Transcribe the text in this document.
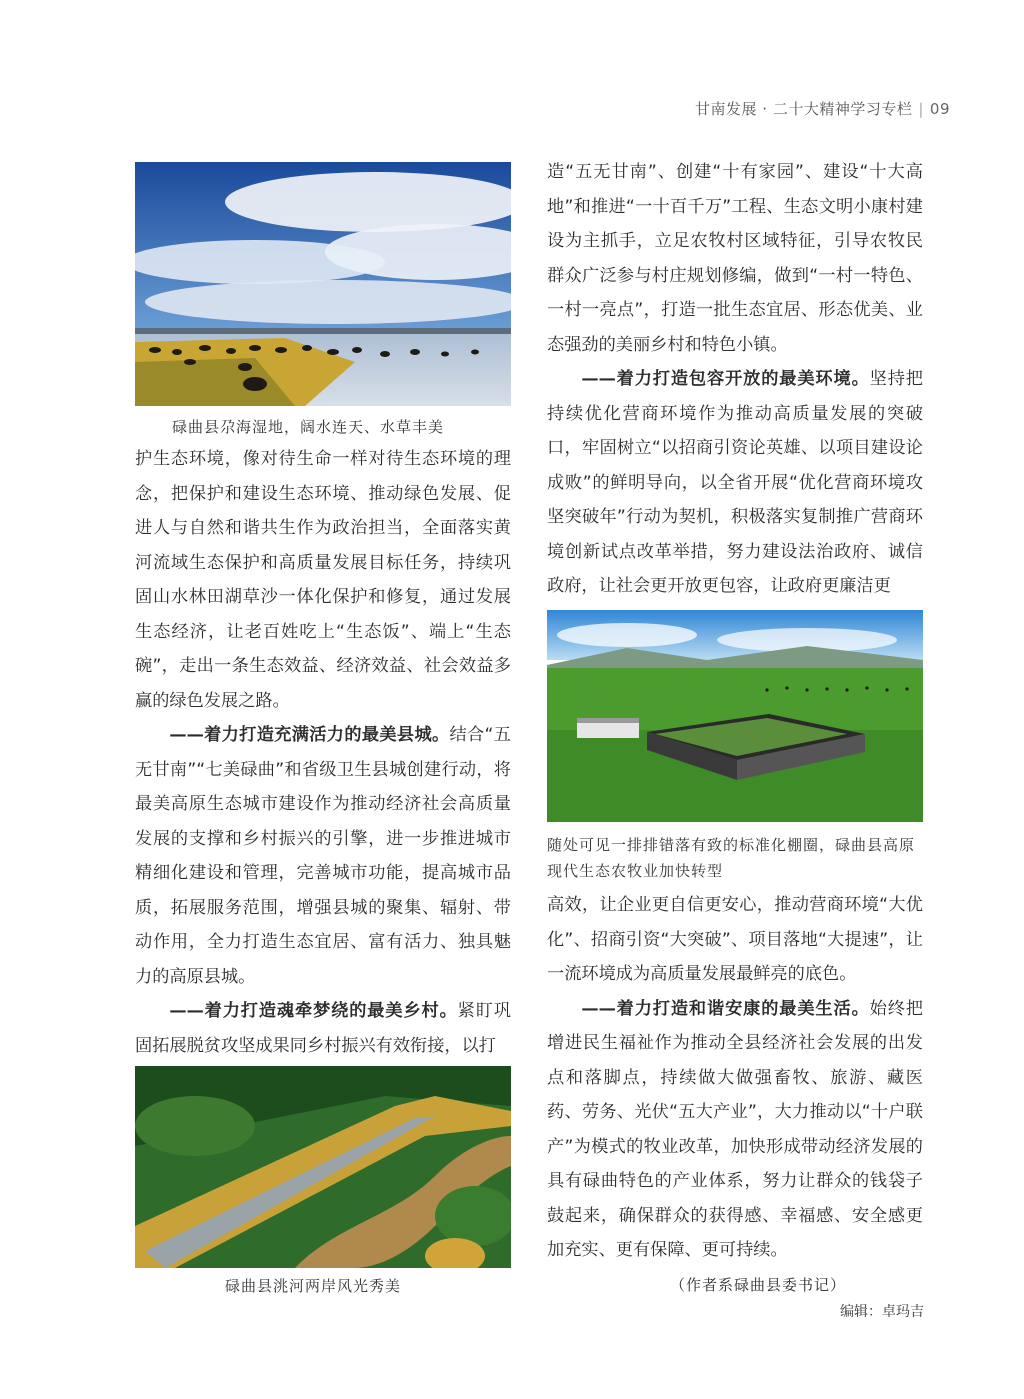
甘南发展 · 二十大精神学习专栏 | 09
碌曲县尕海湿地，阔水连天、水草丰美

护生态环境，像对待生命一样对待生态环境的理念，把保护和建设生态环境、推动绿色发展、促进人与自然和谐共生作为政治担当，全面落实黄河流域生态保护和高质量发展目标任务，持续巩固山水林田湖草沙一体化保护和修复，通过发展生态经济，让老百姓吃上“生态饭”、端上“生态碗”，走出一条生态效益、经济效益、社会效益多赢的绿色发展之路。

——着力打造充满活力的最美县城。结合“五无甘南”“七美碌曲”和省级卫生县城创建行动，将最美高原生态城市建设作为推动经济社会高质量发展的支撑和乡村振兴的引擎，进一步推进城市精细化建设和管理，完善城市功能，提高城市品质，拓展服务范围，增强县城的聚集、辐射、带动作用，全力打造生态宜居、富有活力、独具魅力的高原县城。

——着力打造魂牵梦绕的最美乡村。紧盯巩固拓展脱贫攻坚成果同乡村振兴有效衔接，以打

碌曲县洮河两岸风光秀美

造“五无甘南”、创建“十有家园”、建设“十大高地”和推进“一十百千万”工程、生态文明小康村建设为主抓手，立足农牧村区域特征，引导农牧民群众广泛参与村庄规划修编，做到“一村一特色、一村一亮点”，打造一批生态宜居、形态优美、业态强劲的美丽乡村和特色小镇。

——着力打造包容开放的最美环境。坚持把持续优化营商环境作为推动高质量发展的突破口，牢固树立“以招商引资论英雄、以项目建设论成败”的鲜明导向，以全省开展“优化营商环境攻坚突破年”行动为契机，积极落实复制推广营商环境创新试点改革举措，努力建设法治政府、诚信政府，让社会更开放更包容，让政府更廉洁更

随处可见一排排错落有致的标准化棚圈，碌曲县高原现代生态农牧业加快转型

高效，让企业更自信更安心，推动营商环境“大优化”、招商引资“大突破”、项目落地“大提速”，让一流环境成为高质量发展最鲜亮的底色。

——着力打造和谐安康的最美生活。始终把增进民生福祉作为推动全县经济社会发展的出发点和落脚点，持续做大做强畜牧、旅游、藏医药、劳务、光伏“五大产业”，大力推动以“十户联产”为模式的牧业改革，加快形成带动经济发展的具有碌曲特色的产业体系，努力让群众的钱袋子鼓起来，确保群众的获得感、幸福感、安全感更加充实、更有保障、更可持续。

（作者系碌曲县委书记）
编辑：卓玛吉
